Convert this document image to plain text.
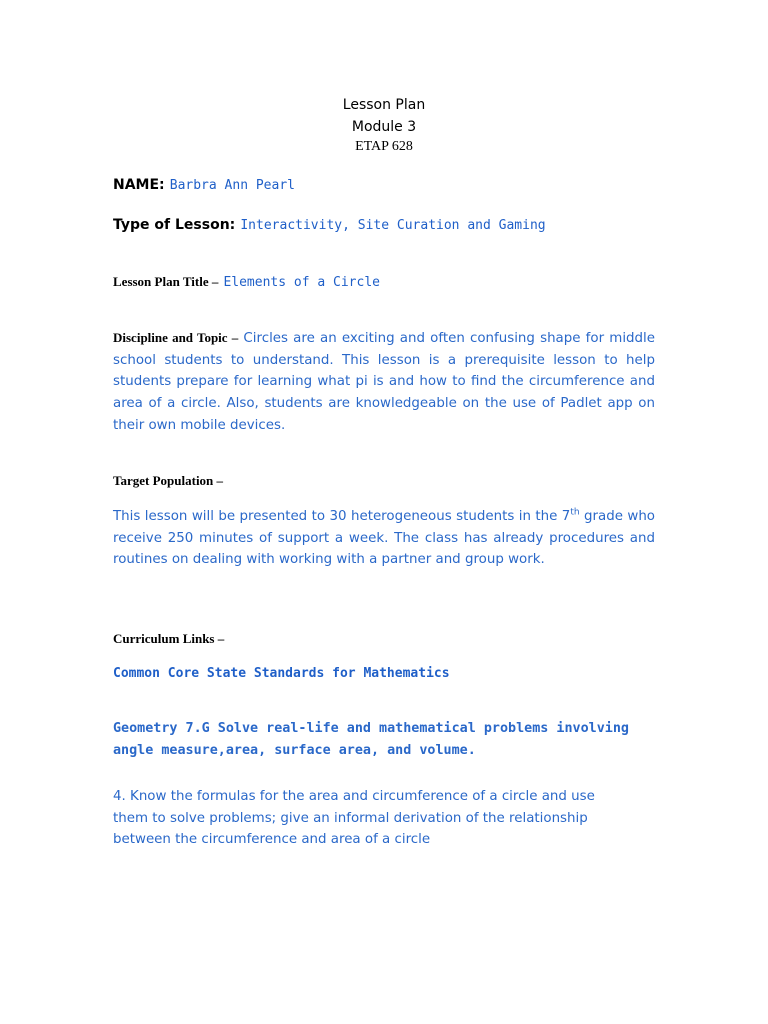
Lesson Plan
Module 3
ETAP 628
NAME: Barbra Ann Pearl
Type of Lesson: Interactivity, Site Curation and Gaming
Lesson Plan Title – Elements of a Circle
Discipline and Topic – Circles are an exciting and often confusing shape for middle school students to understand. This lesson is a prerequisite lesson to help students prepare for learning what pi is and how to find the circumference and area of a circle. Also, students are knowledgeable on the use of Padlet app on their own mobile devices.
Target Population –
This lesson will be presented to 30 heterogeneous students in the 7th grade who receive 250 minutes of support a week. The class has already procedures and routines on dealing with working with a partner and group work.
Curriculum Links –
Common Core State Standards for Mathematics
Geometry 7.G Solve real-life and mathematical problems involving angle measure,area, surface area, and volume.
4. Know the formulas for the area and circumference of a circle and use them to solve problems; give an informal derivation of the relationship between the circumference and area of a circle
